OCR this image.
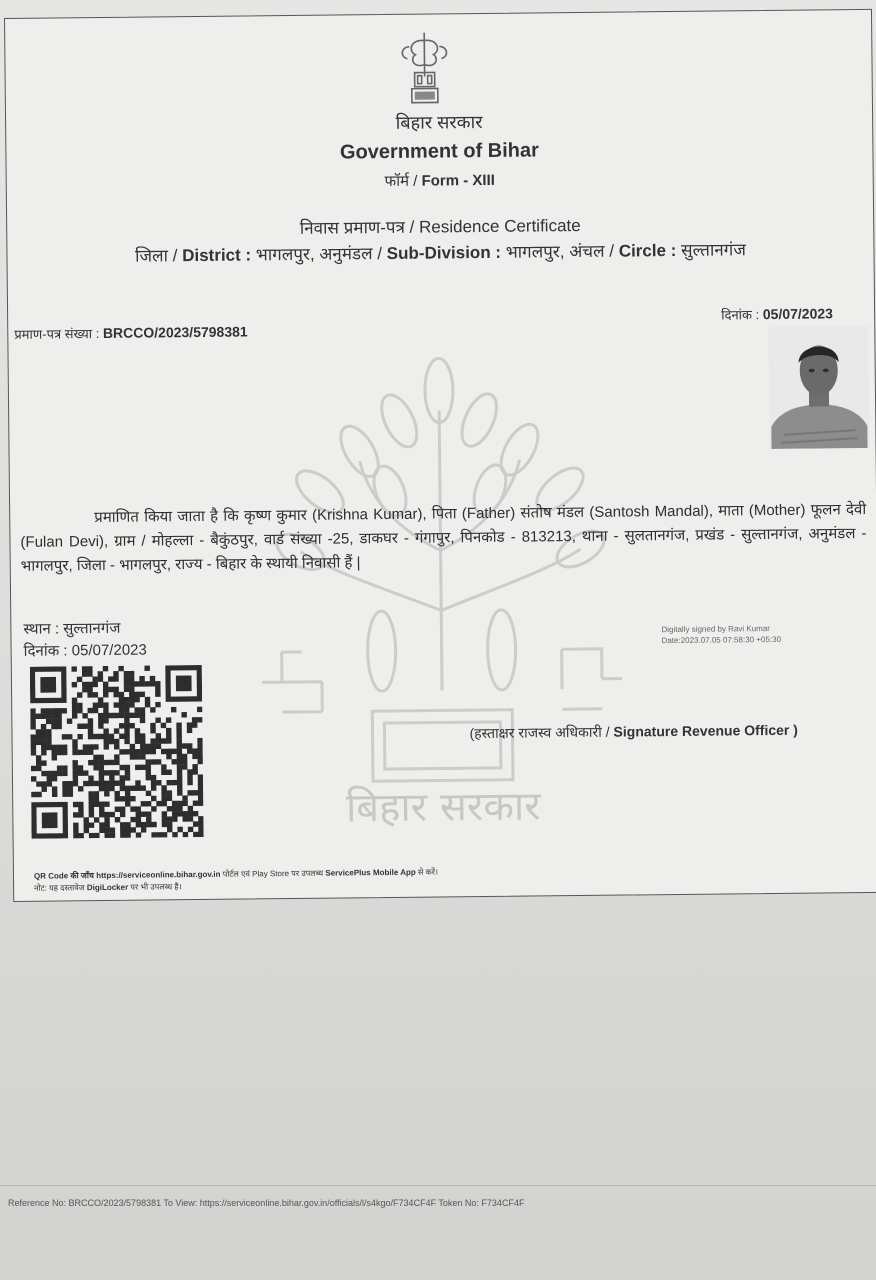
बिहार सरकार
Government of Bihar
फॉर्म / Form - XIII
निवास प्रमाण-पत्र / Residence Certificate
जिला / District : भागलपुर, अनुमंडल / Sub-Division : भागलपुर, अंचल / Circle : सुल्तानगंज
प्रमाण-पत्र संख्या : BRCCO/2023/5798381
दिनांक : 05/07/2023
बिहार सरकार
प्रमाणित किया जाता है कि कृष्ण कुमार (Krishna Kumar), पिता (Father) संतोष मंडल (Santosh Mandal), माता (Mother) फूलन देवी (Fulan Devi), ग्राम / मोहल्ला - बैकुंठपुर, वार्ड संख्या -25, डाकघर - गंगापुर, पिनकोड - 813213, थाना - सुलतानगंज, प्रखंड - सुल्तानगंज, अनुमंडल - भागलपुर, जिला - भागलपुर, राज्य - बिहार के स्थायी निवासी हैं |
स्थान : सुल्तानगंज
दिनांक : 05/07/2023
Digitally signed by Ravi Kumar
Date:2023.07.05 07:58:30 +05:30
(हस्ताक्षर राजस्व अधिकारी / Signature Revenue Officer )
QR Code की जाँच https://serviceonline.bihar.gov.in पोर्टल एवं Play Store पर उपलब्ध ServicePlus Mobile App से करें।
नोट: यह दस्तावेज DigiLocker पर भी उपलब्ध है।
Reference No: BRCCO/2023/5798381 To View: https://serviceonline.bihar.gov.in/officials/l/s4kgo/F734CF4F Token No: F734CF4F
